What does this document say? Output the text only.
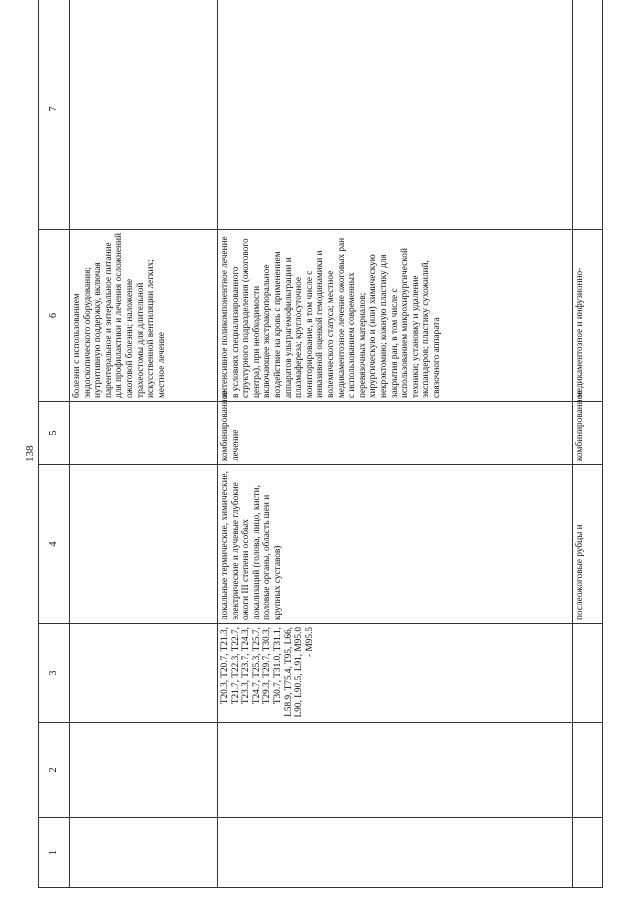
138
1	2	3	4	5	6	7
					болезни с использованием эндоскопического оборудования; нутритивную поддержку, включая парентеральное и энтеральное питание для профилактики и лечения осложнений ожоговой болезни; наложение трахеостомы для длительной искусственной вентиляции легких; местное лечение	
		T20.3, T20.7, T21.3, T21.7, T22.3, T22.7, T23.3, T23.7, T24.3, T24.7, T25.3, T25.7, T29.3, T29.7, T30.3, T30.7, T31.0, T31.1, L58.9, T75.4, T95, L66, L90, L90.5, L91, M95.0 - M95.5	локальные термические, химические, электрические и лучевые глубокие ожоги III степени особых локализаций (голова, лицо, кисти, половые органы, область шеи и крупных суставов)	комбинированное лечение	интенсивное поликомпонентное лечение в условиях специализированного структурного подразделения (ожогового центра), при необходимости включающее экстракорпоральное воздействие на кровь с применением аппаратов ультрагемофильтрации и плазмафереза; круглосуточное мониторирование, в том числе с инвазивной оценкой гемодинамики и волемического статуса; местное медикаментозное лечение ожоговых ран с использованием современных перевязочных материалов; хирургическую и (или) химическую некрэктомию; кожную пластику для закрытия ран, в том числе с использованием микрохирургической техники; установку и удаление экспандеров; пластику сухожилий, связочного аппарата	
			послеожоговые рубцы и	комбинированное	медикаментозное и инфузионно-	
